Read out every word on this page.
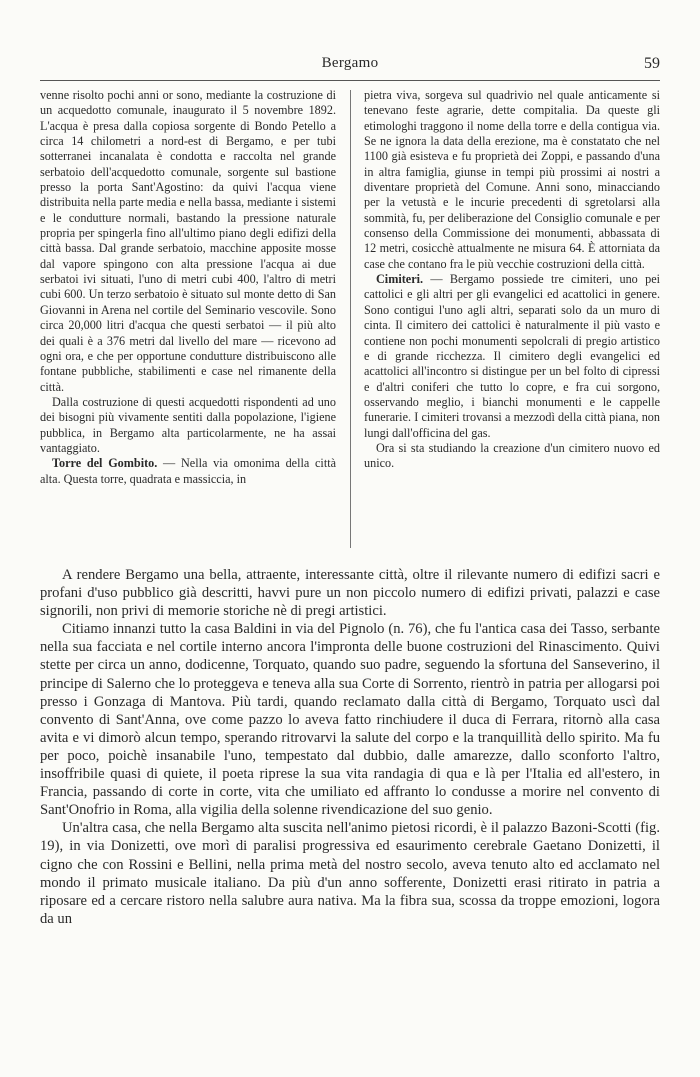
Bergamo	59

venne risolto pochi anni or sono, mediante la costruzione di un acquedotto comunale, inaugurato il 5 novembre 1892. L'acqua è presa dalla copiosa sorgente di Bondo Petello a circa 14 chilometri a nord-est di Bergamo, e per tubi sotterranei incanalata è condotta e raccolta nel grande serbatoio dell'acquedotto comunale, sorgente sul bastione presso la porta Sant'Agostino: da quivi l'acqua viene distribuita nella parte media e nella bassa, mediante i sistemi e le condutture normali, bastando la pressione naturale propria per spingerla fino all'ultimo piano degli edifizi della città bassa. Dal grande serbatoio, macchine apposite mosse dal vapore spingono con alta pressione l'acqua ai due serbatoi ivi situati, l'uno di metri cubi 400, l'altro di metri cubi 600. Un terzo serbatoio è situato sul monte detto di San Giovanni in Arena nel cortile del Seminario vescovile. Sono circa 20,000 litri d'acqua che questi serbatoi — il più alto dei quali è a 376 metri dal livello del mare — ricevono ad ogni ora, e che per opportune condutture distribuiscono alle fontane pubbliche, stabilimenti e case nel rimanente della città.

Dalla costruzione di questi acquedotti rispondenti ad uno dei bisogni più vivamente sentiti dalla popolazione, l'igiene pubblica, in Bergamo alta particolarmente, ne ha assai vantaggiato.

Torre del Gombito. — Nella via omonima della città alta. Questa torre, quadrata e massiccia, in

pietra viva, sorgeva sul quadrivio nel quale anticamente si tenevano feste agrarie, dette compitalia. Da queste gli etimologhi traggono il nome della torre e della contigua via. Se ne ignora la data della erezione, ma è constatato che nel 1100 già esisteva e fu proprietà dei Zoppi, e passando d'una in altra famiglia, giunse in tempi più prossimi ai nostri a diventare proprietà del Comune. Anni sono, minacciando per la vetustà e le incurie precedenti di sgretolarsi alla sommità, fu, per deliberazione del Consiglio comunale e per consenso della Commissione dei monumenti, abbassata di 12 metri, cosicchè attualmente ne misura 64. È attorniata da case che contano fra le più vecchie costruzioni della città.

Cimiteri. — Bergamo possiede tre cimiteri, uno pei cattolici e gli altri per gli evangelici ed acattolici in genere. Sono contigui l'uno agli altri, separati solo da un muro di cinta. Il cimitero dei cattolici è naturalmente il più vasto e contiene non pochi monumenti sepolcrali di pregio artistico e di grande ricchezza. Il cimitero degli evangelici ed acattolici all'incontro si distingue per un bel folto di cipressi e d'altri coniferi che tutto lo copre, e fra cui sorgono, osservando meglio, i bianchi monumenti e le cappelle funerarie. I cimiteri trovansi a mezzodì della città piana, non lungi dall'officina del gas.

Ora si sta studiando la creazione d'un cimitero nuovo ed unico.

A rendere Bergamo una bella, attraente, interessante città, oltre il rilevante numero di edifizi sacri e profani d'uso pubblico già descritti, havvi pure un non piccolo numero di edifizi privati, palazzi e case signorili, non privi di memorie storiche nè di pregi artistici.

Citiamo innanzi tutto la casa Baldini in via del Pignolo (n. 76), che fu l'antica casa dei Tasso, serbante nella sua facciata e nel cortile interno ancora l'impronta delle buone costruzioni del Rinascimento. Quivi stette per circa un anno, dodicenne, Torquato, quando suo padre, seguendo la sfortuna del Sanseverino, il principe di Salerno che lo proteggeva e teneva alla sua Corte di Sorrento, rientrò in patria per allogarsi poi presso i Gonzaga di Mantova. Più tardi, quando reclamato dalla città di Bergamo, Torquato uscì dal convento di Sant'Anna, ove come pazzo lo aveva fatto rinchiudere il duca di Ferrara, ritornò alla casa avita e vi dimorò alcun tempo, sperando ritrovarvi la salute del corpo e la tranquillità dello spirito. Ma fu per poco, poichè insanabile l'uno, tempestato dal dubbio, dalle amarezze, dallo sconforto l'altro, insoffribile quasi di quiete, il poeta riprese la sua vita randagia di qua e là per l'Italia ed all'estero, in Francia, passando di corte in corte, vita che umiliato ed affranto lo condusse a morire nel convento di Sant'Onofrio in Roma, alla vigilia della solenne rivendicazione del suo genio.

Un'altra casa, che nella Bergamo alta suscita nell'animo pietosi ricordi, è il palazzo Bazoni-Scotti (fig. 19), in via Donizetti, ove morì di paralisi progressiva ed esaurimento cerebrale Gaetano Donizetti, il cigno che con Rossini e Bellini, nella prima metà del nostro secolo, aveva tenuto alto ed acclamato nel mondo il primato musicale italiano. Da più d'un anno sofferente, Donizetti erasi ritirato in patria a riposare ed a cercare ristoro nella salubre aura nativa. Ma la fibra sua, scossa da troppe emozioni, logora da un
